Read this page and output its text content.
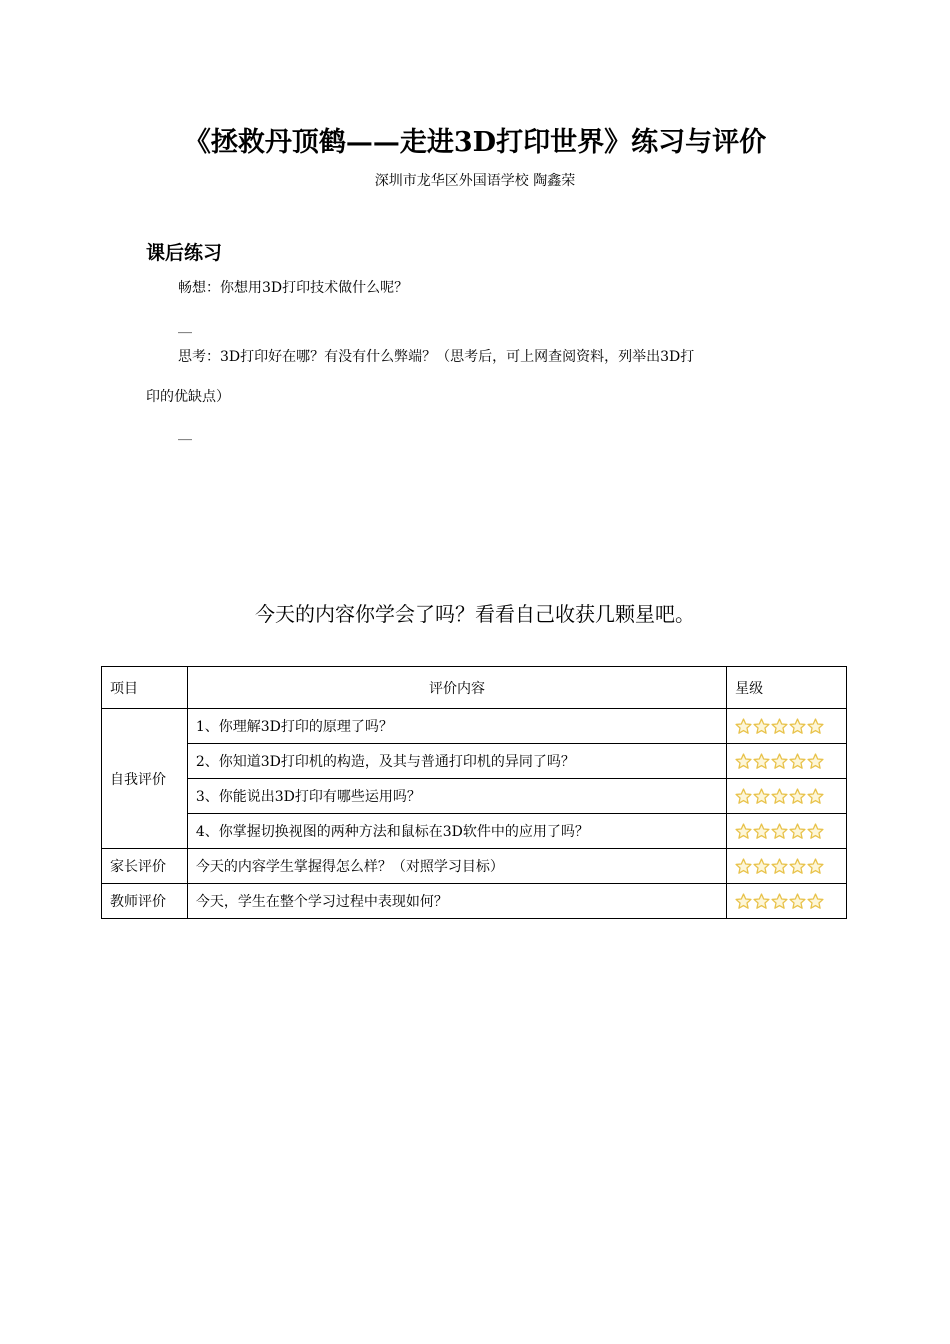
《拯救丹顶鹤——走进3D打印世界》练习与评价
深圳市龙华区外国语学校 陶鑫荣
课后练习
畅想：你想用3D打印技术做什么呢？
__
思考：3D打印好在哪？有没有什么弊端？（思考后，可上网查阅资料，列举出3D打
印的优缺点）
__
今天的内容你学会了吗？看看自己收获几颗星吧。
项目	评价内容	星级
自我评价	1、你理解3D打印的原理了吗？	

	2、你知道3D打印机的构造，及其与普通打印机的异同了吗？	

	3、你能说出3D打印有哪些运用吗？	

	4、你掌握切换视图的两种方法和鼠标在3D软件中的应用了吗？	

家长评价	今天的内容学生掌握得怎么样？（对照学习目标）	

教师评价	今天，学生在整个学习过程中表现如何？	
